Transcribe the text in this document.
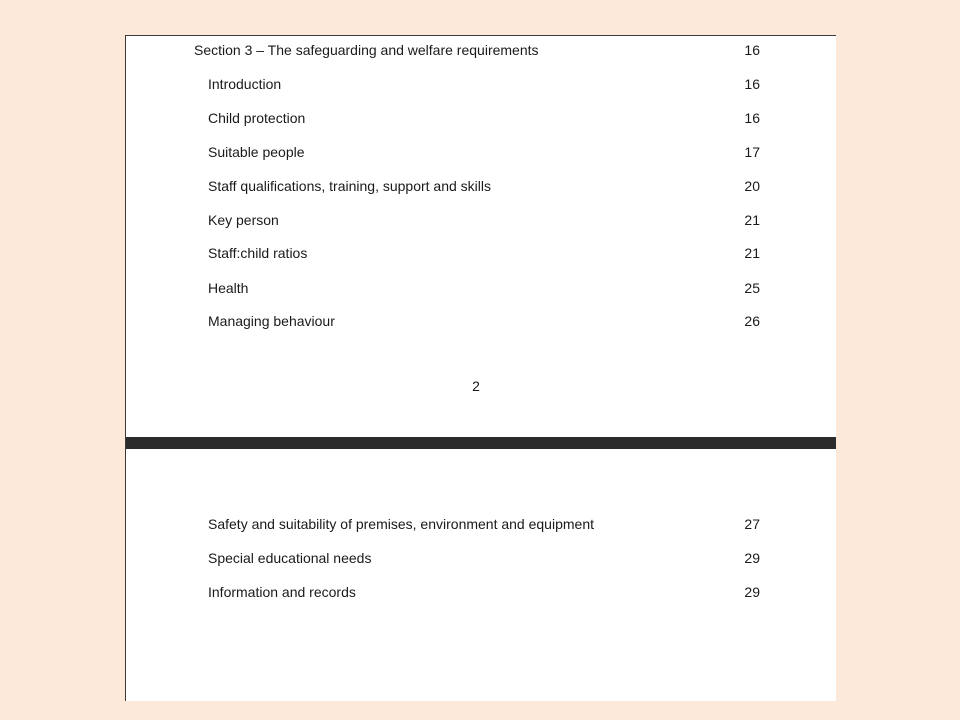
Section 3 – The safeguarding and welfare requirements	16
Introduction	16
Child protection	16
Suitable people	17
Staff qualifications, training, support and skills	20
Key person	21
Staff:child ratios	21
Health	25
Managing behaviour	26
2
Safety and suitability of premises, environment and equipment	27
Special educational needs	29
Information and records	29
